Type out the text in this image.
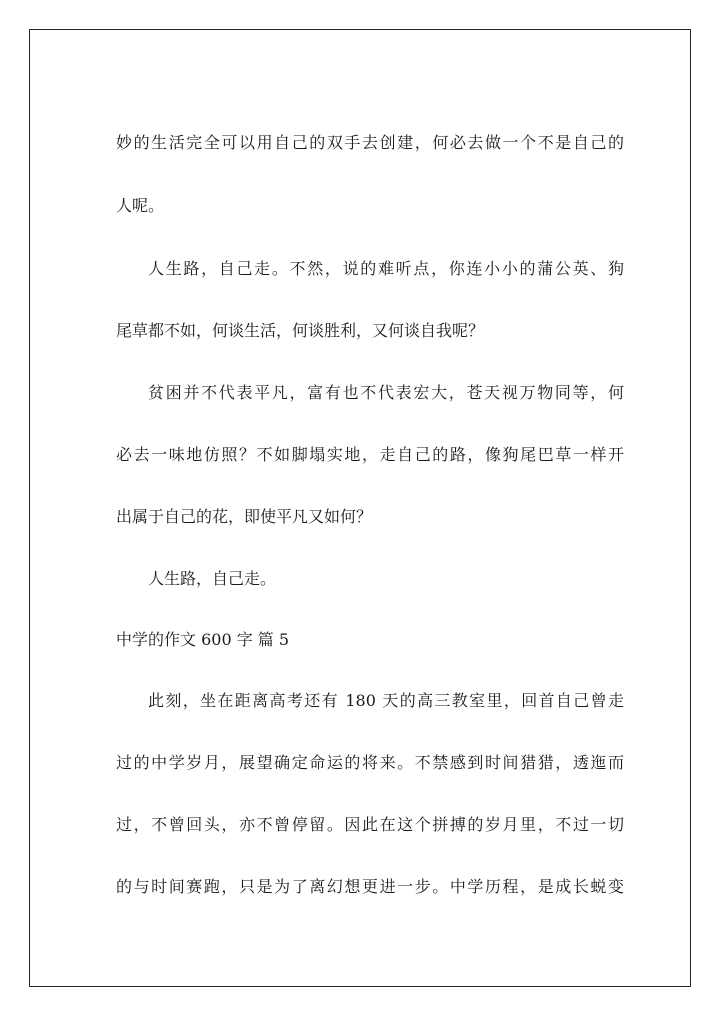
妙的生活完全可以用自己的双手去创建，何必去做一个不是自己的

人呢。

人生路，自己走。不然，说的难听点，你连小小的蒲公英、狗

尾草都不如，何谈生活，何谈胜利，又何谈自我呢？

贫困并不代表平凡，富有也不代表宏大，苍天视万物同等，何

必去一味地仿照？不如脚塌实地，走自己的路，像狗尾巴草一样开

出属于自己的花，即使平凡又如何？

人生路，自己走。

中学的作文 600 字 篇 5

此刻，坐在距离高考还有 180 天的高三教室里，回首自己曾走

过的中学岁月，展望确定命运的将来。不禁感到时间猎猎，透迤而

过，不曾回头，亦不曾停留。因此在这个拼搏的岁月里，不过一切

的与时间赛跑，只是为了离幻想更进一步。中学历程，是成长蜕变
